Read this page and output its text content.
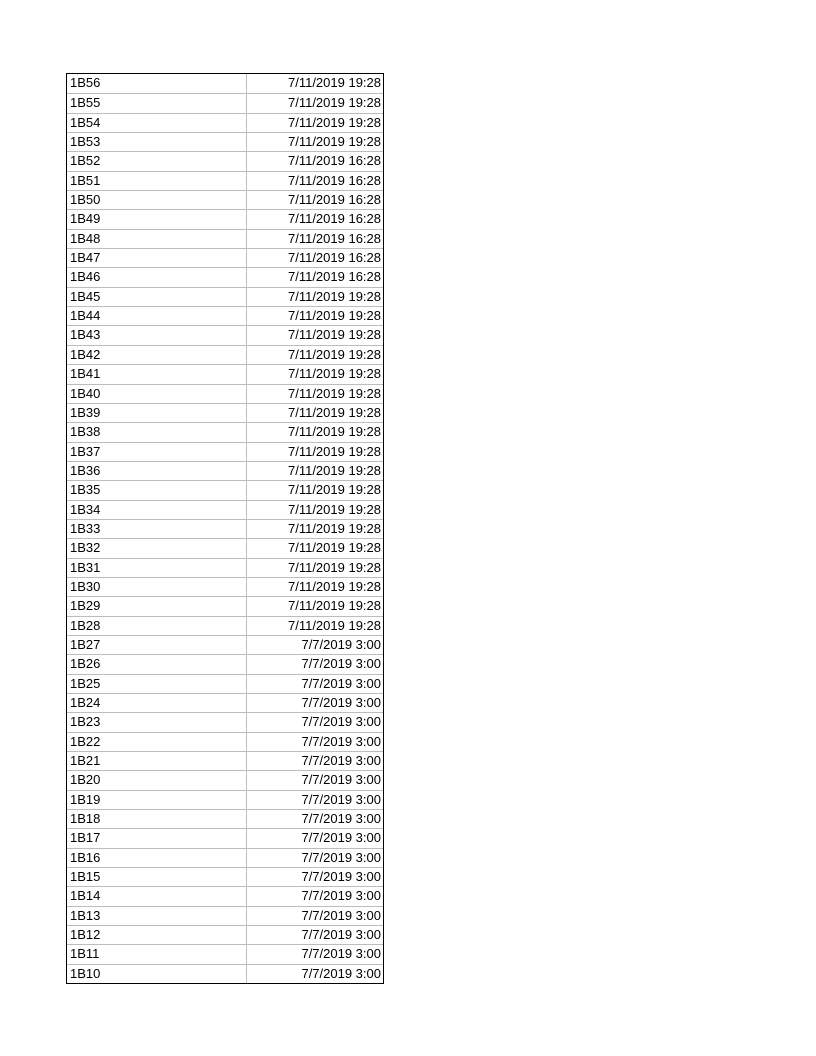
1B56	7/11/2019 19:28
1B55	7/11/2019 19:28
1B54	7/11/2019 19:28
1B53	7/11/2019 19:28
1B52	7/11/2019 16:28
1B51	7/11/2019 16:28
1B50	7/11/2019 16:28
1B49	7/11/2019 16:28
1B48	7/11/2019 16:28
1B47	7/11/2019 16:28
1B46	7/11/2019 16:28
1B45	7/11/2019 19:28
1B44	7/11/2019 19:28
1B43	7/11/2019 19:28
1B42	7/11/2019 19:28
1B41	7/11/2019 19:28
1B40	7/11/2019 19:28
1B39	7/11/2019 19:28
1B38	7/11/2019 19:28
1B37	7/11/2019 19:28
1B36	7/11/2019 19:28
1B35	7/11/2019 19:28
1B34	7/11/2019 19:28
1B33	7/11/2019 19:28
1B32	7/11/2019 19:28
1B31	7/11/2019 19:28
1B30	7/11/2019 19:28
1B29	7/11/2019 19:28
1B28	7/11/2019 19:28
1B27	7/7/2019 3:00
1B26	7/7/2019 3:00
1B25	7/7/2019 3:00
1B24	7/7/2019 3:00
1B23	7/7/2019 3:00
1B22	7/7/2019 3:00
1B21	7/7/2019 3:00
1B20	7/7/2019 3:00
1B19	7/7/2019 3:00
1B18	7/7/2019 3:00
1B17	7/7/2019 3:00
1B16	7/7/2019 3:00
1B15	7/7/2019 3:00
1B14	7/7/2019 3:00
1B13	7/7/2019 3:00
1B12	7/7/2019 3:00
1B11	7/7/2019 3:00
1B10	7/7/2019 3:00
